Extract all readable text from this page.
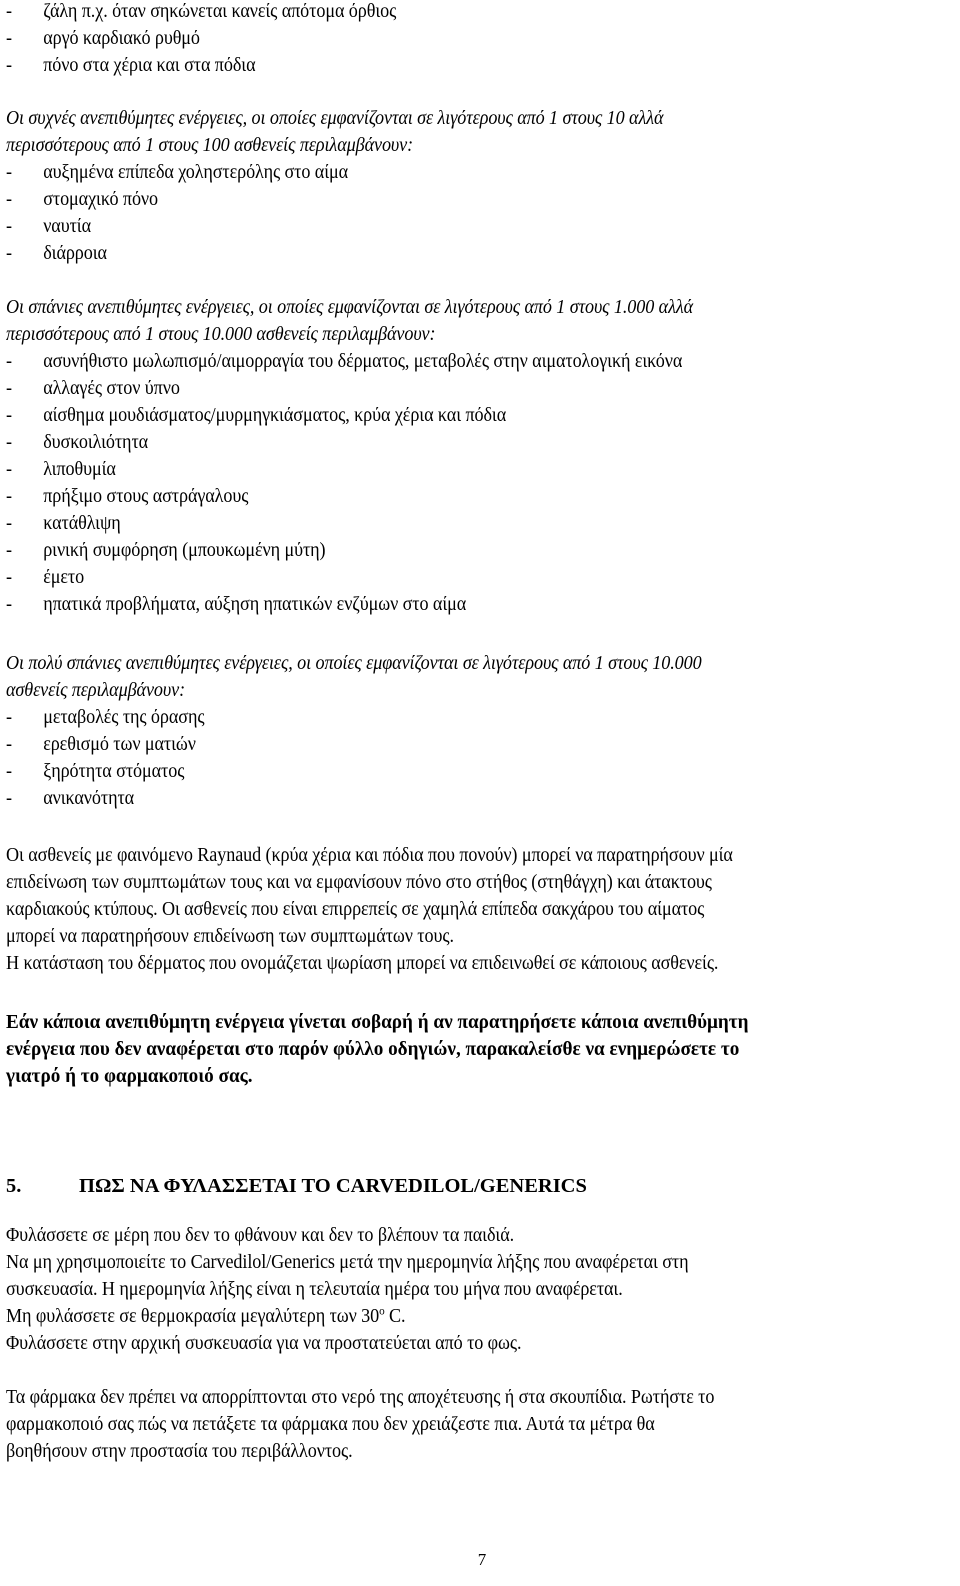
- ζάλη π.χ. όταν σηκώνεται κανείς απότομα όρθιος
- αργό καρδιακό ρυθμό
- πόνο στα χέρια και στα πόδια
Οι συχνές ανεπιθύμητες ενέργειες, οι οποίες εμφανίζονται σε λιγότερους από 1 στους 10 αλλά
περισσότερους από 1 στους 100 ασθενείς περιλαμβάνουν:
- αυξημένα επίπεδα χοληστερόλης στο αίμα
- στομαχικό πόνο
- ναυτία
- διάρροια
Οι σπάνιες ανεπιθύμητες ενέργειες, οι οποίες εμφανίζονται σε λιγότερους από 1 στους 1.000 αλλά
περισσότερους από 1 στους 10.000 ασθενείς περιλαμβάνουν:
- ασυνήθιστο μωλωπισμό/αιμορραγία του δέρματος, μεταβολές στην αιματολογική εικόνα
- αλλαγές στον ύπνο
- αίσθημα μουδιάσματος/μυρμηγκιάσματος, κρύα χέρια και πόδια
- δυσκοιλιότητα
- λιποθυμία
- πρήξιμο στους αστράγαλους
- κατάθλιψη
- ρινική συμφόρηση (μπουκωμένη μύτη)
- έμετο
- ηπατικά προβλήματα, αύξηση ηπατικών ενζύμων στο αίμα
Οι πολύ σπάνιες ανεπιθύμητες ενέργειες, οι οποίες εμφανίζονται σε λιγότερους από 1 στους 10.000
ασθενείς περιλαμβάνουν:
- μεταβολές της όρασης
- ερεθισμό των ματιών
- ξηρότητα στόματος
- ανικανότητα
Οι ασθενείς με φαινόμενο Raynaud (κρύα χέρια και πόδια που πονούν) μπορεί να παρατηρήσουν μία
επιδείνωση των συμπτωμάτων τους και να εμφανίσουν πόνο στο στήθος (στηθάγχη) και άτακτους
καρδιακούς κτύπους. Οι ασθενείς που είναι επιρρεπείς σε χαμηλά επίπεδα σακχάρου του αίματος
μπορεί να παρατηρήσουν επιδείνωση των συμπτωμάτων τους.
Η κατάσταση του δέρματος που ονομάζεται ψωρίαση μπορεί να επιδεινωθεί σε κάποιους ασθενείς.
Εάν κάποια ανεπιθύμητη ενέργεια γίνεται σοβαρή ή αν παρατηρήσετε κάποια ανεπιθύμητη
ενέργεια που δεν αναφέρεται στο παρόν φύλλο οδηγιών, παρακαλείσθε να ενημερώσετε το
γιατρό ή το φαρμακοποιό σας.
5.	ΠΩΣ ΝΑ ΦΥΛΑΣΣΕΤΑΙ ΤΟ CARVEDILOL/GENERICS
Φυλάσσετε σε μέρη που δεν το φθάνουν και δεν το βλέπουν τα παιδιά.
Να μη χρησιμοποιείτε το Carvedilol/Generics μετά την ημερομηνία λήξης που αναφέρεται στη
συσκευασία. Η ημερομηνία λήξης είναι η τελευταία ημέρα του μήνα που αναφέρεται.
Μη φυλάσσετε σε θερμοκρασία μεγαλύτερη των 30$^o$ C.
Φυλάσσετε στην αρχική συσκευασία για να προστατεύεται από το φως.
Τα φάρμακα δεν πρέπει να απορρίπτονται στο νερό της αποχέτευσης ή στα σκουπίδια. Ρωτήστε το
φαρμακοποιό σας πώς να πετάξετε τα φάρμακα που δεν χρειάζεστε πια. Αυτά τα μέτρα θα
βοηθήσουν στην προστασία του περιβάλλοντος.
7
